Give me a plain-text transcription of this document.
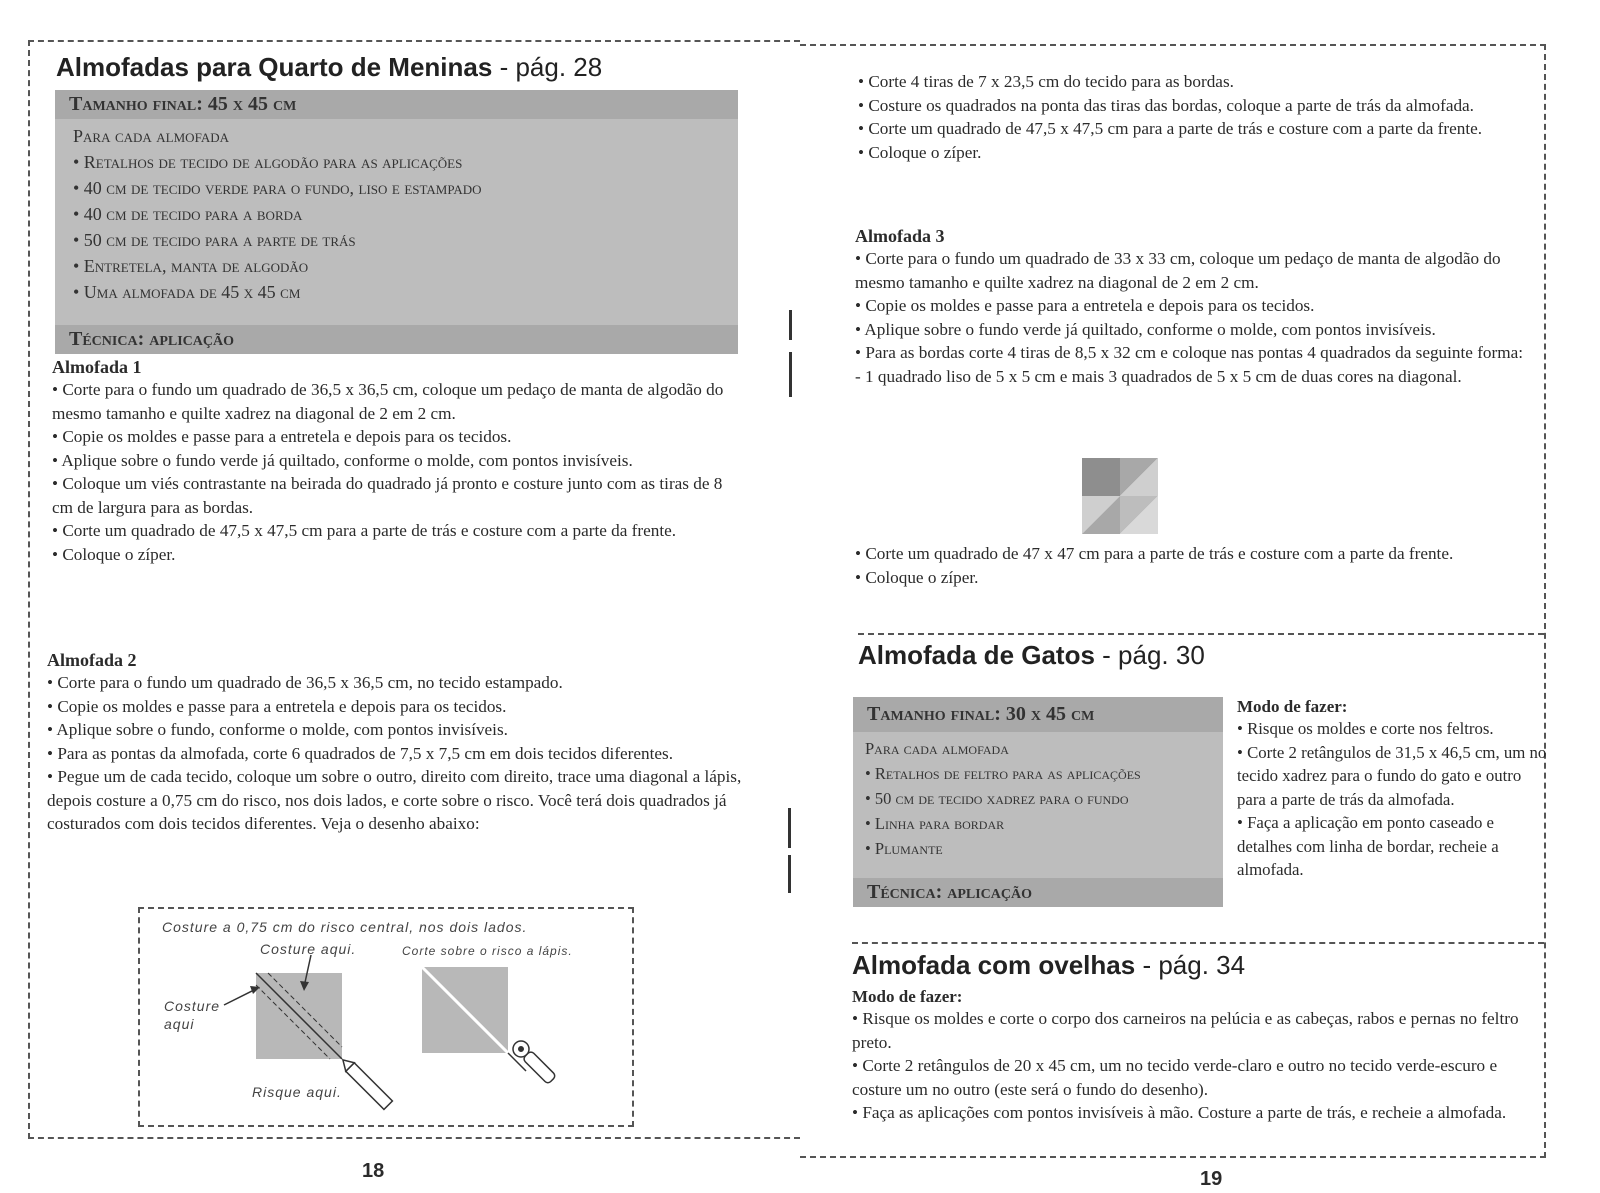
Almofadas para Quarto de Meninas - pág. 28
Tamanho final: 45 x 45 cm
Para cada almofada
• Retalhos de tecido de algodão para as aplicações
• 40 cm de tecido verde para o fundo, liso e estampado
• 40 cm de tecido para a borda
• 50 cm de tecido para a parte de trás
• Entretela, manta de algodão
• Uma almofada de 45 x 45 cm
Técnica: aplicação
Almofada 1

• Corte para o fundo um quadrado de 36,5 x 36,5 cm, coloque um pedaço de manta de algodão do mesmo tamanho e quilte xadrez na diagonal de 2 em 2 cm.

• Copie os moldes e passe para a entretela e depois para os tecidos.

• Aplique sobre o fundo verde já quiltado, conforme o molde, com pontos invisíveis.

• Coloque um viés contrastante na beirada do quadrado já pronto e costure junto com as tiras de 8 cm de largura para as bordas.

• Corte um quadrado de 47,5 x 47,5 cm para a parte de trás e costure com a parte da frente.

• Coloque o zíper.

Almofada 2

• Corte para o fundo um quadrado de 36,5 x 36,5 cm, no tecido estampado.

• Copie os moldes e passe para a entretela e depois para os tecidos.

• Aplique sobre o fundo, conforme o molde, com pontos invisíveis.

• Para as pontas da almofada, corte 6 quadrados de 7,5 x 7,5 cm em dois tecidos diferentes.

• Pegue um de cada tecido, coloque um sobre o outro, direito com direito, trace uma diagonal a lápis, depois costure a 0,75 cm do risco, nos dois lados, e corte sobre o risco. Você terá dois quadrados já costurados com dois tecidos diferentes. Veja o desenho abaixo:

Costure a 0,75 cm do risco central, nos dois lados.
Costure aqui.	Corte sobre o risco a lápis.
Costure aqui
Risque aqui.
18

• Corte 4 tiras de 7 x 23,5 cm do tecido para as bordas.

• Costure os quadrados na ponta das tiras das bordas, coloque a parte de trás da almofada.

• Corte um quadrado de 47,5 x 47,5 cm para a parte de trás e costure com a parte da frente.

• Coloque o zíper.

Almofada 3

• Corte para o fundo um quadrado de 33 x 33 cm, coloque um pedaço de manta de algodão do mesmo tamanho e quilte xadrez na diagonal de 2 em 2 cm.

• Copie os moldes e passe para a entretela e depois para os tecidos.

• Aplique sobre o fundo verde já quiltado, conforme o molde, com pontos invisíveis.

• Para as bordas corte 4 tiras de 8,5 x 32 cm e coloque nas pontas 4 quadrados da seguinte forma:

- 1 quadrado liso de 5 x 5 cm e mais 3 quadrados de 5 x 5 cm de duas cores na diagonal.

• Corte um quadrado de 47 x 47 cm para a parte de trás e costure com a parte da frente.

• Coloque o zíper.

Almofada de Gatos - pág. 30
Tamanho final: 30 x 45 cm
Para cada almofada
• Retalhos de feltro para as aplicações
• 50 cm de tecido xadrez para o fundo
• Linha para bordar
• Plumante
Técnica: aplicação
Modo de fazer:

• Risque os moldes e corte nos feltros.

• Corte 2 retângulos de 31,5 x 46,5 cm, um no tecido xadrez para o fundo do gato e outro para a parte de trás da almofada.

• Faça a aplicação em ponto caseado e detalhes com linha de bordar, recheie a almofada.

Almofada com ovelhas - pág. 34
Modo de fazer:

• Risque os moldes e corte o corpo dos carneiros na pelúcia e as cabeças, rabos e pernas no feltro preto.

• Corte 2 retângulos de 20 x 45 cm, um no tecido verde-claro e outro no tecido verde-escuro e costure um no outro (este será o fundo do desenho).

• Faça as aplicações com pontos invisíveis à mão. Costure a parte de trás, e recheie a almofada.

19
